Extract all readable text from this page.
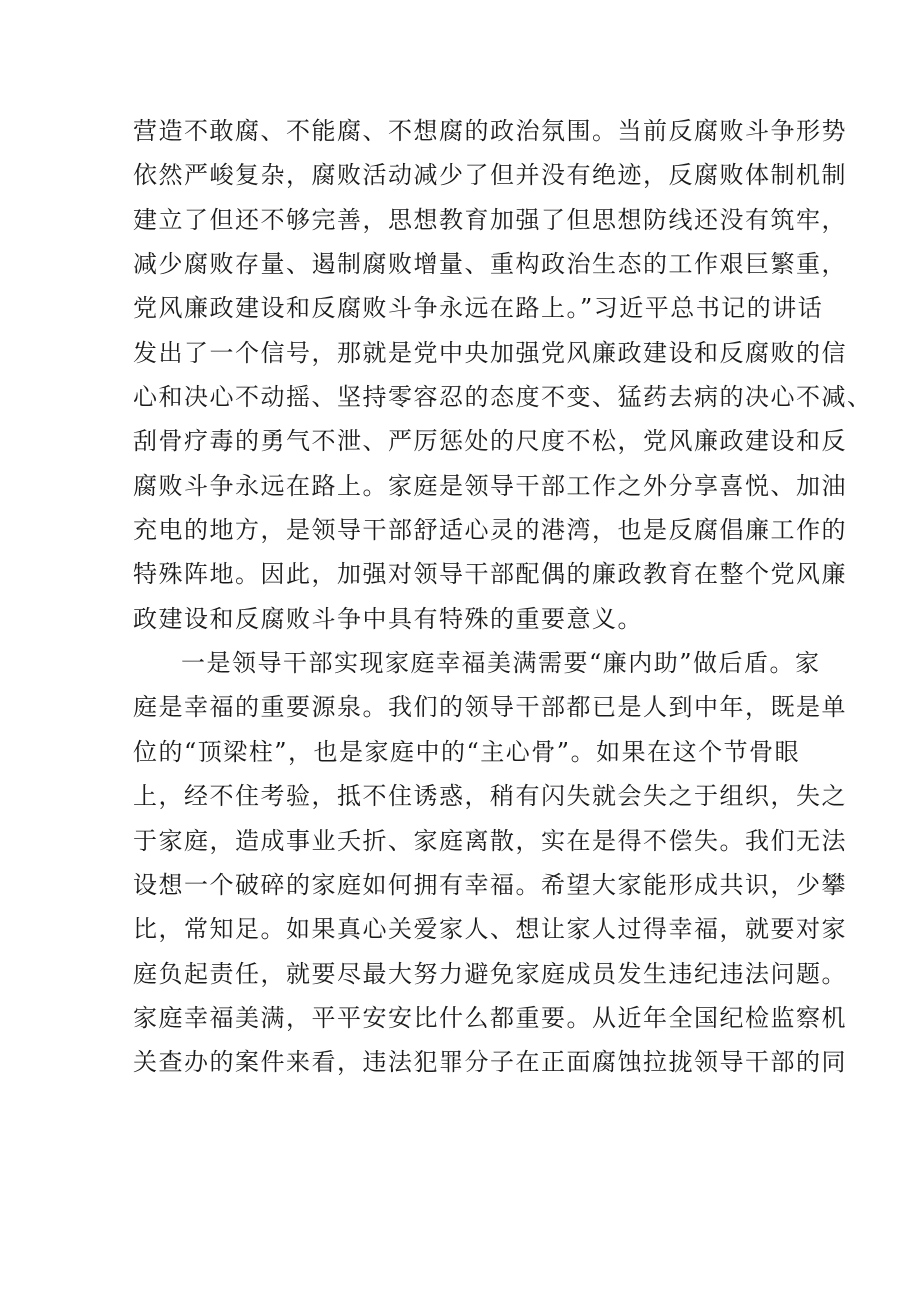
营造不敢腐、不能腐、不想腐的政治氛围。当前反腐败斗争形势
依然严峻复杂，腐败活动减少了但并没有绝迹，反腐败体制机制
建立了但还不够完善，思想教育加强了但思想防线还没有筑牢，
减少腐败存量、遏制腐败增量、重构政治生态的工作艰巨繁重，
党风廉政建设和反腐败斗争永远在路上。”习近平总书记的讲话
发出了一个信号，那就是党中央加强党风廉政建设和反腐败的信
心和决心不动摇、坚持零容忍的态度不变、猛药去病的决心不减、
刮骨疗毒的勇气不泄、严厉惩处的尺度不松，党风廉政建设和反
腐败斗争永远在路上。家庭是领导干部工作之外分享喜悦、加油
充电的地方，是领导干部舒适心灵的港湾，也是反腐倡廉工作的
特殊阵地。因此，加强对领导干部配偶的廉政教育在整个党风廉
政建设和反腐败斗争中具有特殊的重要意义。
一是领导干部实现家庭幸福美满需要“廉内助”做后盾。家
庭是幸福的重要源泉。我们的领导干部都已是人到中年，既是单
位的“顶梁柱”，也是家庭中的“主心骨”。如果在这个节骨眼
上，经不住考验，抵不住诱惑，稍有闪失就会失之于组织，失之
于家庭，造成事业夭折、家庭离散，实在是得不偿失。我们无法
设想一个破碎的家庭如何拥有幸福。希望大家能形成共识，少攀
比，常知足。如果真心关爱家人、想让家人过得幸福，就要对家
庭负起责任，就要尽最大努力避免家庭成员发生违纪违法问题。
家庭幸福美满，平平安安比什么都重要。从近年全国纪检监察机
关查办的案件来看，违法犯罪分子在正面腐蚀拉拢领导干部的同
